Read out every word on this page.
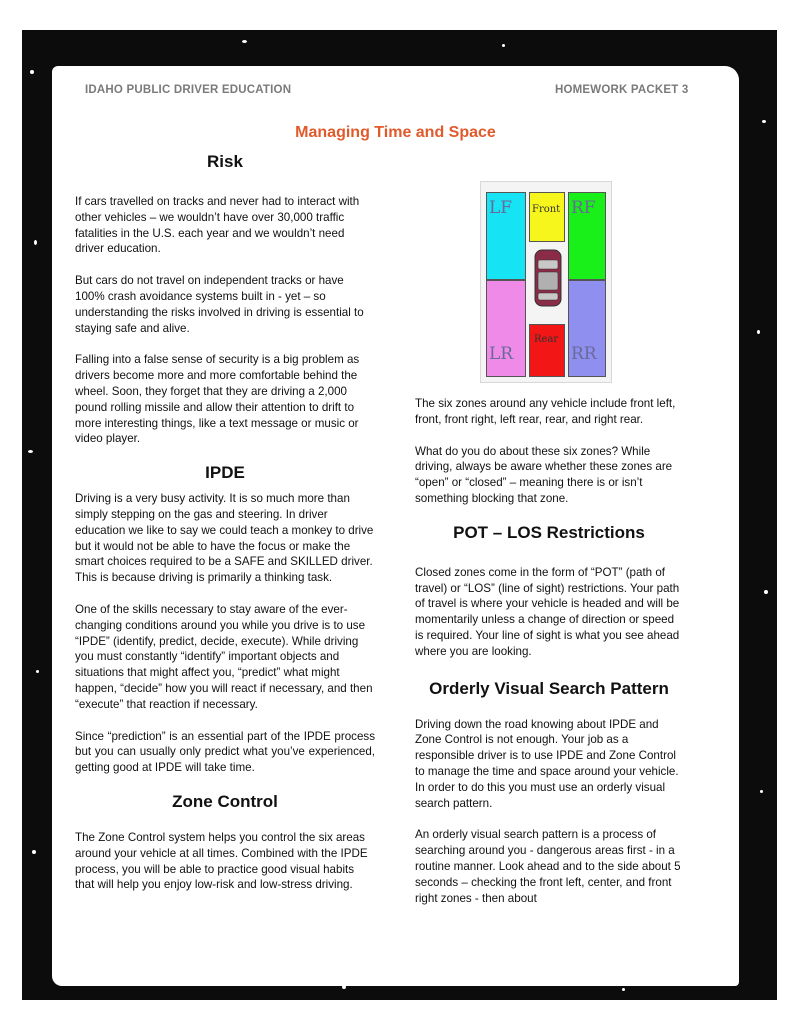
IDAHO PUBLIC DRIVER EDUCATION	HOMEWORK PACKET 3
Managing Time and Space
Risk

If cars travelled on tracks and never had to interact with other vehicles – we wouldn’t have over 30,000 traffic fatalities in the U.S. each year and we wouldn’t need driver education.

But cars do not travel on independent tracks or have 100% crash avoidance systems built in - yet – so understanding the risks involved in driving is essential to staying safe and alive.

Falling into a false sense of security is a big problem as drivers become more and more comfortable behind the wheel. Soon, they forget that they are driving a 2,000 pound rolling missile and allow their attention to drift to more interesting things, like a text message or music or video player.

IPDE

Driving is a very busy activity. It is so much more than simply stepping on the gas and steering. In driver education we like to say we could teach a monkey to drive but it would not be able to have the focus or make the smart choices required to be a SAFE and SKILLED driver. This is because driving is primarily a thinking task.

One of the skills necessary to stay aware of the ever-changing conditions around you while you drive is to use “IPDE” (identify, predict, decide, execute). While driving you must constantly “identify” important objects and situations that might affect you, “predict” what might happen, “decide” how you will react if necessary, and then “execute” that reaction if necessary.

Since “prediction” is an essential part of the IPDE process but you can usually only predict what you’ve experienced, getting good at IPDE will take time.

Zone Control

The Zone Control system helps you control the six areas around your vehicle at all times. Combined with the IPDE process, you will be able to practice good visual habits that will help you enjoy low-risk and low-stress driving.

LF Front RF
LR
Rear
RR

The six zones around any vehicle include front left, front, front right, left rear, rear, and right rear.

What do you do about these six zones? While driving, always be aware whether these zones are “open” or “closed” – meaning there is or isn’t something blocking that zone.

POT – LOS Restrictions

Closed zones come in the form of “POT” (path of travel) or “LOS” (line of sight) restrictions. Your path of travel is where your vehicle is headed and will be momentarily unless a change of direction or speed is required. Your line of sight is what you see ahead where you are looking.

Orderly Visual Search Pattern

Driving down the road knowing about IPDE and Zone Control is not enough. Your job as a responsible driver is to use IPDE and Zone Control to manage the time and space around your vehicle. In order to do this you must use an orderly visual search pattern.

An orderly visual search pattern is a process of searching around you - dangerous areas first - in a routine manner. Look ahead and to the side about 5 seconds – checking the front left, center, and front right zones - then about
